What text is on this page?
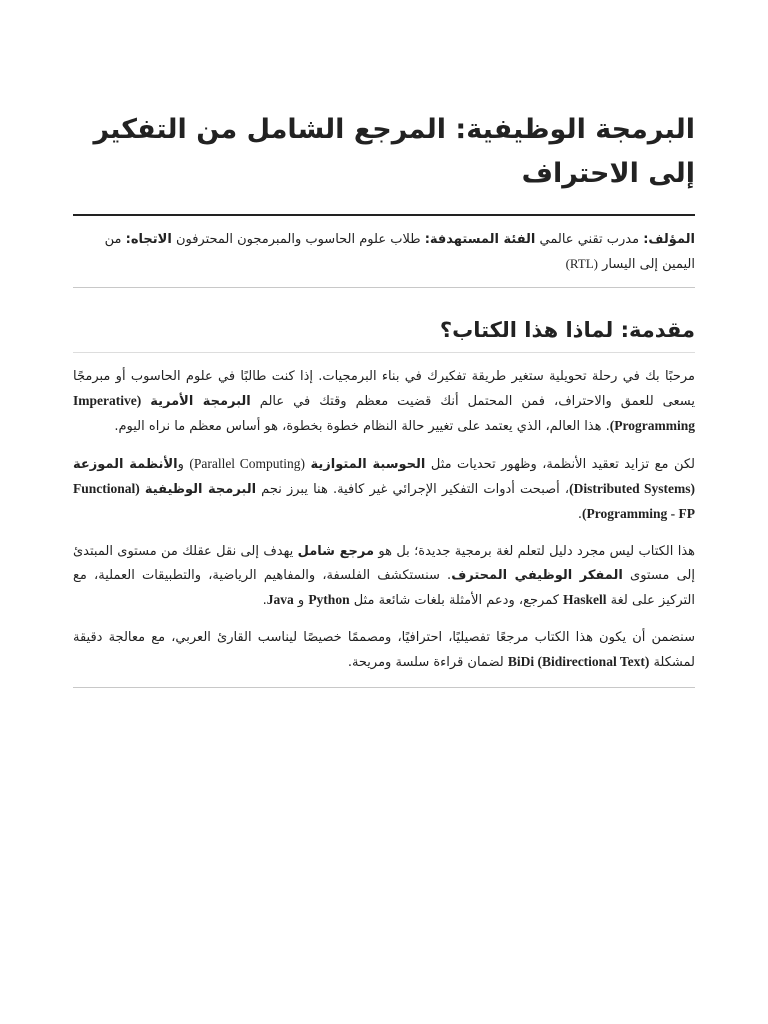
البرمجة الوظيفية: المرجع الشامل من التفكير إلى الاحتراف
المؤلف: مدرب تقني عالمي الفئة المستهدفة: طلاب علوم الحاسوب والمبرمجون المحترفون الاتجاه: من اليمين إلى اليسار (RTL)
مقدمة: لماذا هذا الكتاب؟

مرحبًا بك في رحلة تحويلية ستغير طريقة تفكيرك في بناء البرمجيات. إذا كنت طالبًا في علوم الحاسوب أو مبرمجًا يسعى للعمق والاحتراف، فمن المحتمل أنك قضيت معظم وقتك في عالم البرمجة الأمرية (Imperative Programming). هذا العالم، الذي يعتمد على تغيير حالة النظام خطوة بخطوة، هو أساس معظم ما نراه اليوم.

لكن مع تزايد تعقيد الأنظمة، وظهور تحديات مثل الحوسبة المتوازية (Parallel Computing) والأنظمة الموزعة (Distributed Systems)، أصبحت أدوات التفكير الإجرائي غير كافية. هنا يبرز نجم البرمجة الوظيفية (Functional Programming - FP).

هذا الكتاب ليس مجرد دليل لتعلم لغة برمجية جديدة؛ بل هو مرجع شامل يهدف إلى نقل عقلك من مستوى المبتدئ إلى مستوى المفكر الوظيفي المحترف. سنستكشف الفلسفة، والمفاهيم الرياضية، والتطبيقات العملية، مع التركيز على لغة Haskell كمرجع، ودعم الأمثلة بلغات شائعة مثل Python و Java.

سنضمن أن يكون هذا الكتاب مرجعًا تفصيليًا، احترافيًا، ومصممًا خصيصًا ليناسب القارئ العربي، مع معالجة دقيقة لمشكلة BiDi (Bidirectional Text) لضمان قراءة سلسة ومريحة.
